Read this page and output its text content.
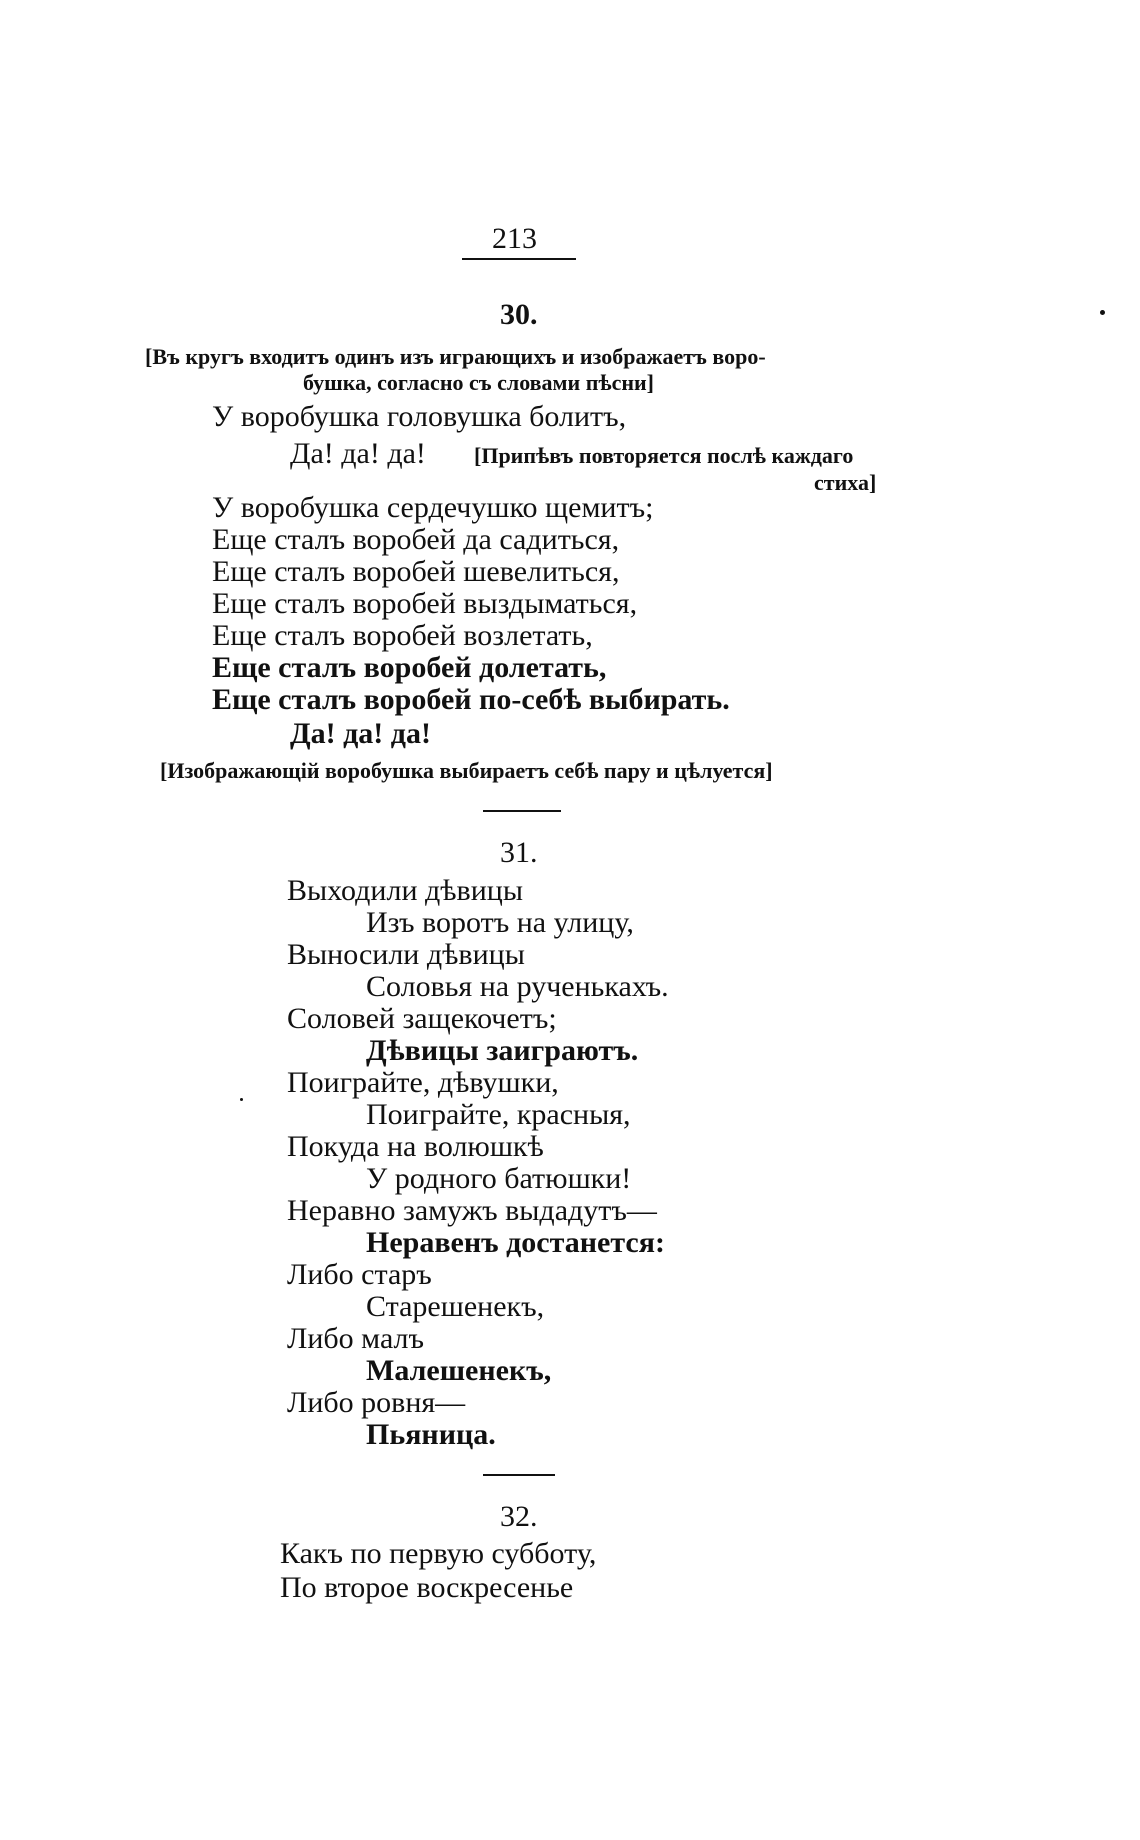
213
30.
[Въ кругъ входитъ одинъ изъ играющихъ и изображаетъ воро-
бушка, согласно съ словами пѣсни]
У воробушка головушка болитъ,
Да! да! да! [Припѣвъ повторяется послѣ каждаго
стиха]
У воробушка сердечушко щемитъ;
Еще сталъ воробей да садиться,
Еще сталъ воробей шевелиться,
Еще сталъ воробей выздыматься,
Еще сталъ воробей возлетать,
Еще сталъ воробей долетать,
Еще сталъ воробей по-себѣ выбирать.
Да! да! да!
[Изображающій воробушка выбираетъ себѣ пару и цѣлуется]
31.
Выходили дѣвицы
Изъ воротъ на улицу,
Выносили дѣвицы
Соловья на рученькахъ.
Соловей защекочетъ;
Дѣвицы заиграютъ.
Поиграйте, дѣвушки,
Поиграйте, красныя,
Покуда на волюшкѣ
У родного батюшки!
Неравно замужъ выдадутъ—
Неравенъ достанется:
Либо старъ
Старешенекъ,
Либо малъ
Малешенекъ,
Либо ровня—
Пьяница.
32.
Какъ по первую субботу,
По второе воскресенье
